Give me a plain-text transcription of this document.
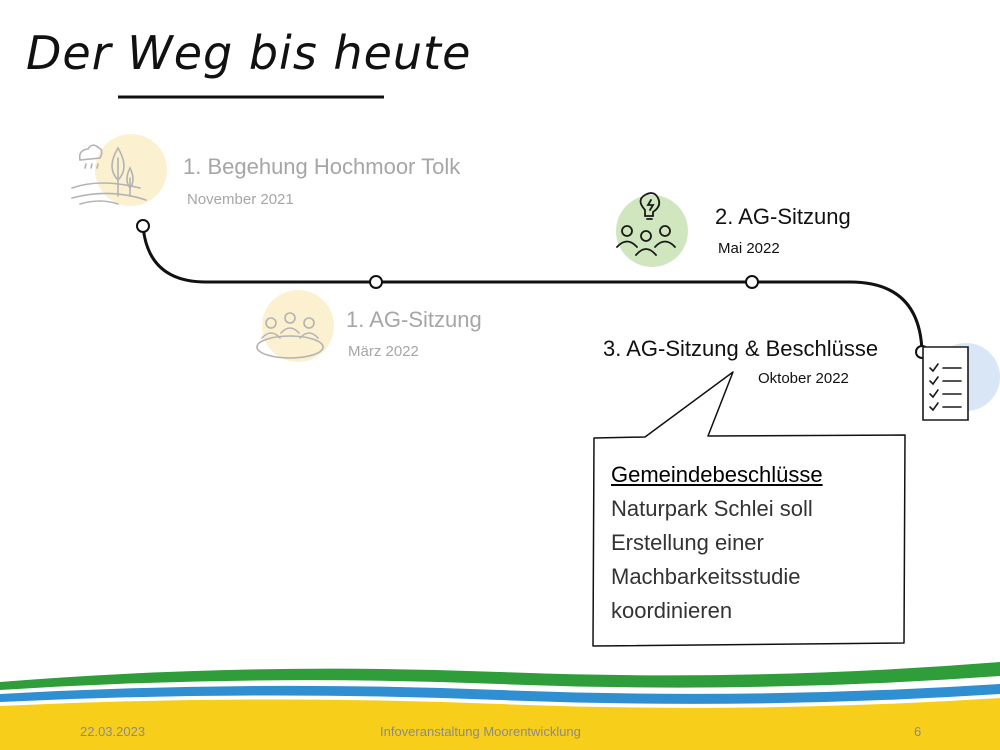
Der Weg bis heute
1. Begehung Hochmoor Tolk
November 2021
1. AG-Sitzung
März 2022
2. AG-Sitzung
Mai 2022
3. AG-Sitzung & Beschlüsse
Oktober 2022
Gemeindebeschlüsse
Naturpark Schlei soll
Erstellung einer
Machbarkeitsstudie
koordinieren
22.03.2023	Infoveranstaltung Moorentwicklung	6
